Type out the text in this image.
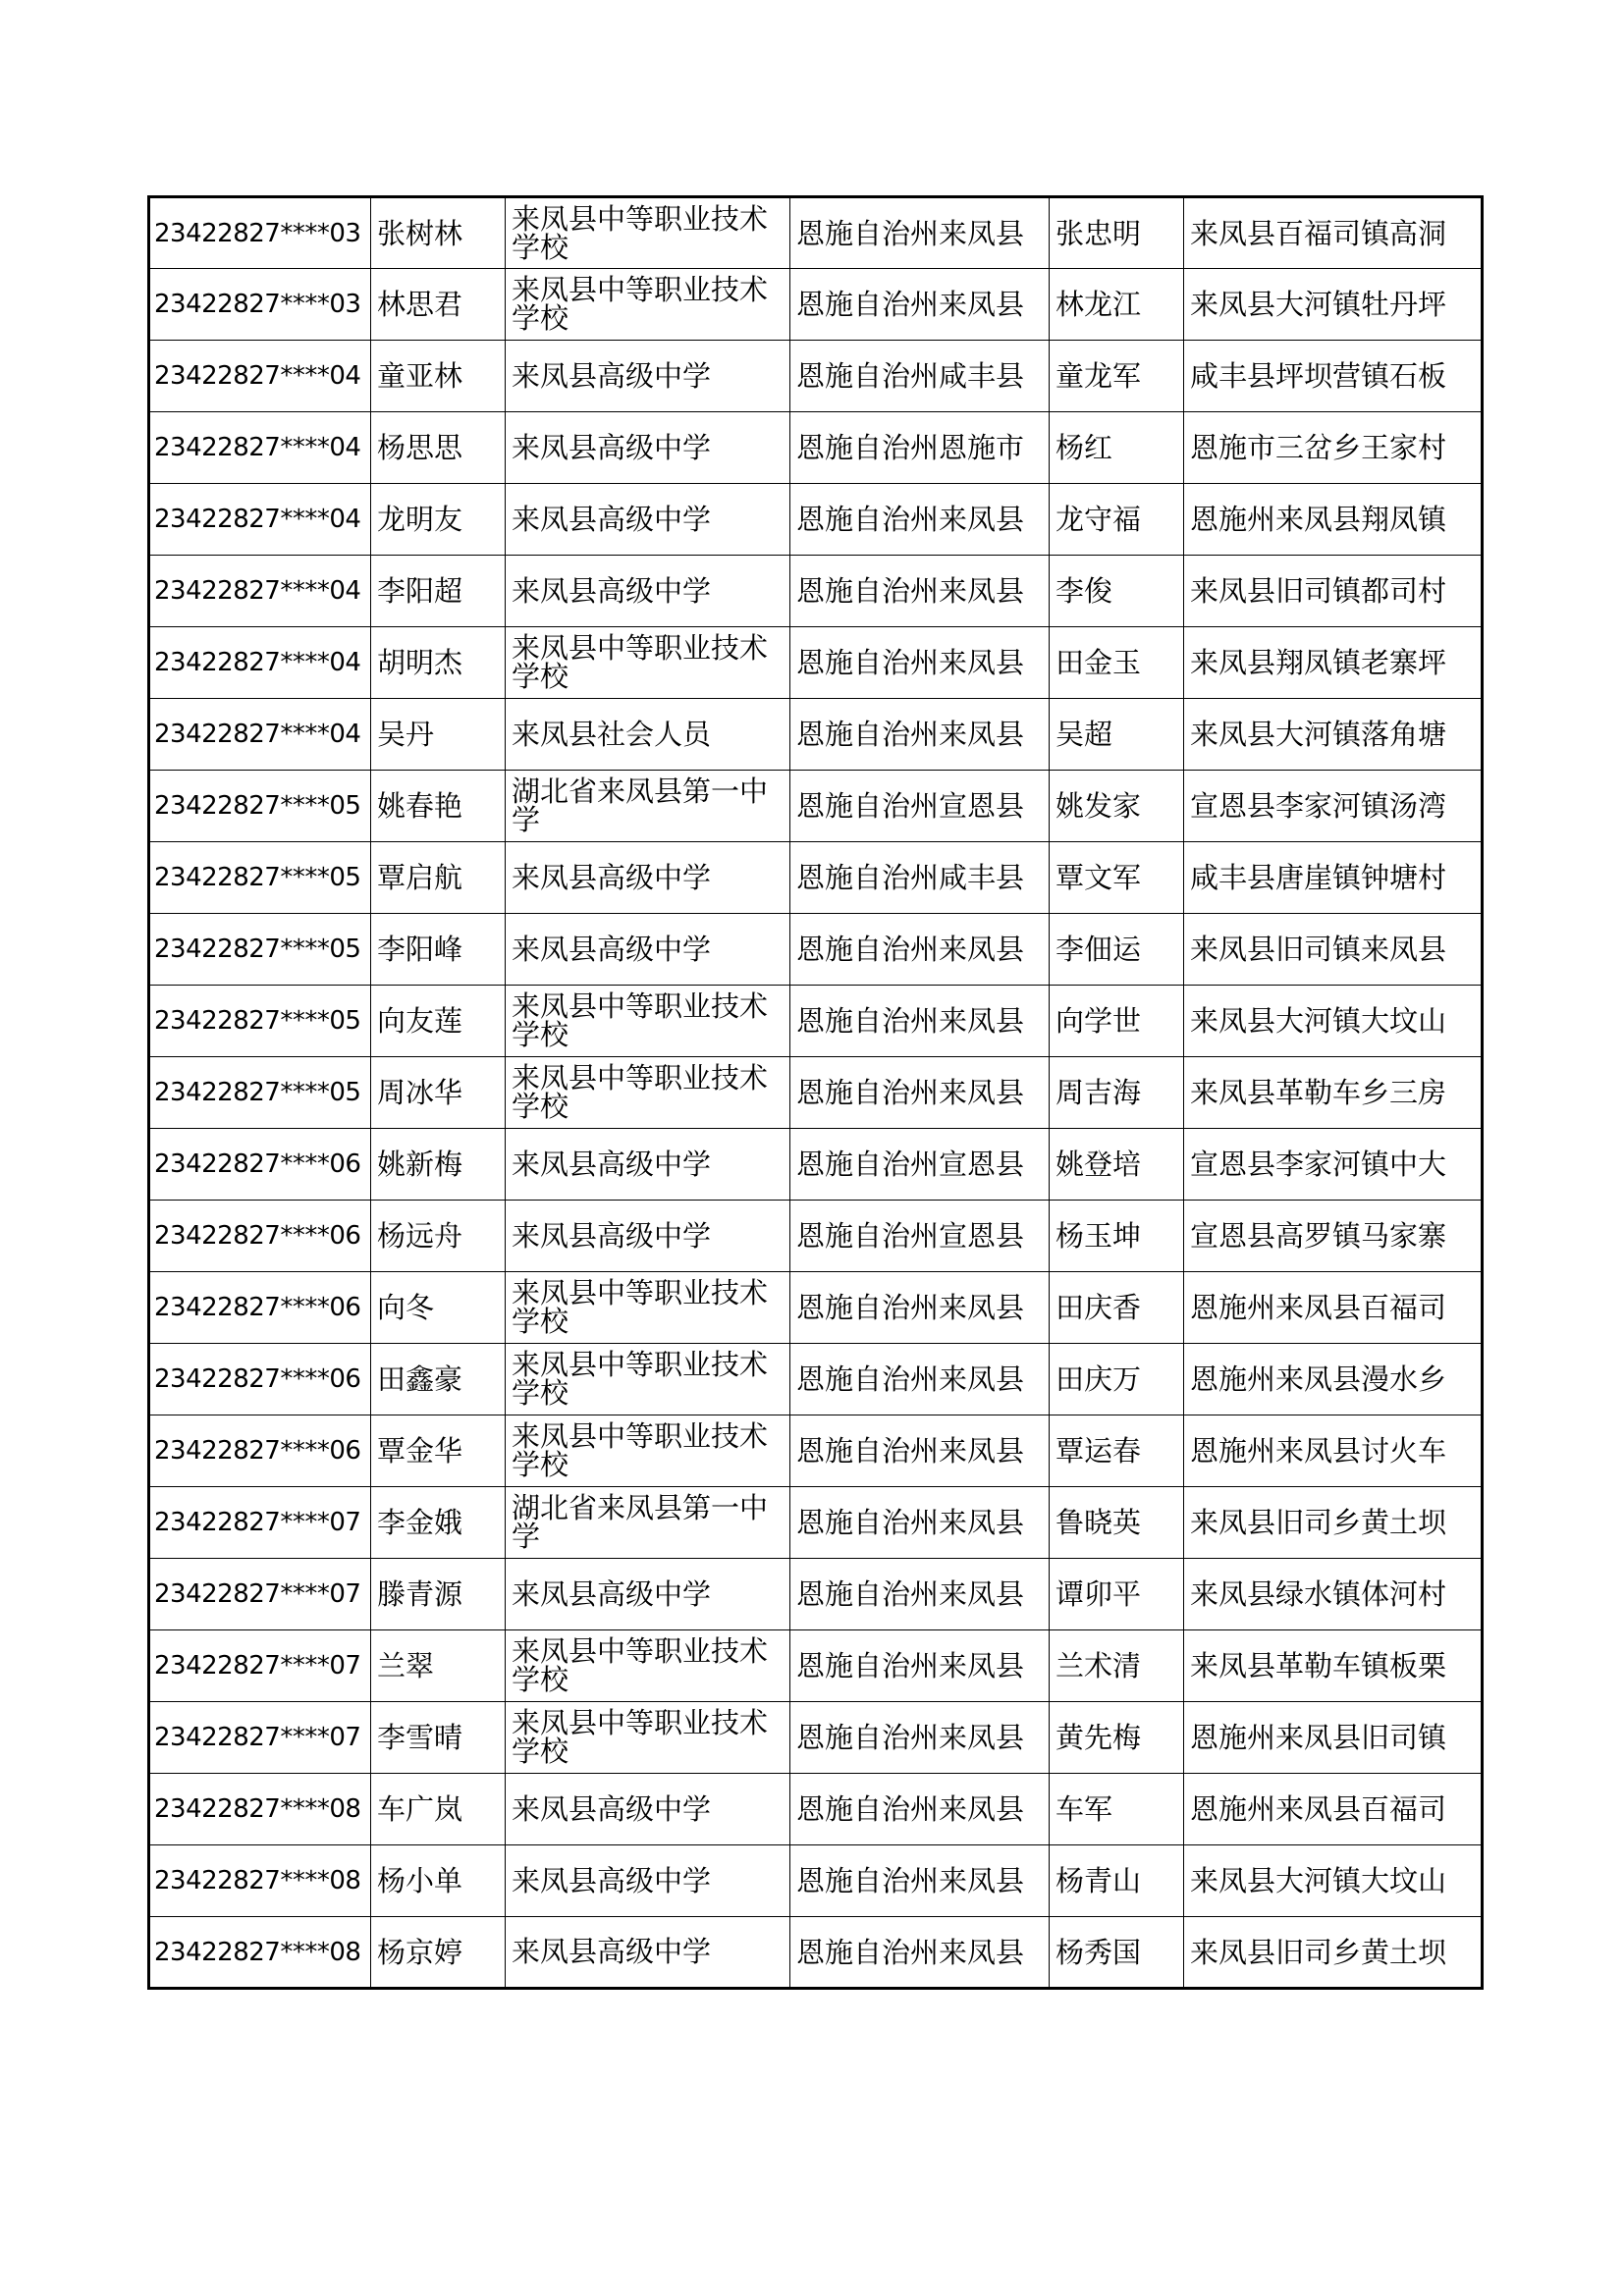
23422827****03	张树林	来凤县中等职业技术学校	恩施自治州来凤县	张忠明	来凤县百福司镇高洞
23422827****03	林思君	来凤县中等职业技术学校	恩施自治州来凤县	林龙江	来凤县大河镇牡丹坪
23422827****04	童亚林	来凤县高级中学	恩施自治州咸丰县	童龙军	咸丰县坪坝营镇石板
23422827****04	杨思思	来凤县高级中学	恩施自治州恩施市	杨红	恩施市三岔乡王家村
23422827****04	龙明友	来凤县高级中学	恩施自治州来凤县	龙守福	恩施州来凤县翔凤镇
23422827****04	李阳超	来凤县高级中学	恩施自治州来凤县	李俊	来凤县旧司镇都司村
23422827****04	胡明杰	来凤县中等职业技术学校	恩施自治州来凤县	田金玉	来凤县翔凤镇老寨坪
23422827****04	吴丹	来凤县社会人员	恩施自治州来凤县	吴超	来凤县大河镇落角塘
23422827****05	姚春艳	湖北省来凤县第一中学	恩施自治州宣恩县	姚发家	宣恩县李家河镇汤湾
23422827****05	覃启航	来凤县高级中学	恩施自治州咸丰县	覃文军	咸丰县唐崖镇钟塘村
23422827****05	李阳峰	来凤县高级中学	恩施自治州来凤县	李佃运	来凤县旧司镇来凤县
23422827****05	向友莲	来凤县中等职业技术学校	恩施自治州来凤县	向学世	来凤县大河镇大坟山
23422827****05	周冰华	来凤县中等职业技术学校	恩施自治州来凤县	周吉海	来凤县革勒车乡三房
23422827****06	姚新梅	来凤县高级中学	恩施自治州宣恩县	姚登培	宣恩县李家河镇中大
23422827****06	杨远舟	来凤县高级中学	恩施自治州宣恩县	杨玉坤	宣恩县高罗镇马家寨
23422827****06	向冬	来凤县中等职业技术学校	恩施自治州来凤县	田庆香	恩施州来凤县百福司
23422827****06	田鑫豪	来凤县中等职业技术学校	恩施自治州来凤县	田庆万	恩施州来凤县漫水乡
23422827****06	覃金华	来凤县中等职业技术学校	恩施自治州来凤县	覃运春	恩施州来凤县讨火车
23422827****07	李金娥	湖北省来凤县第一中学	恩施自治州来凤县	鲁晓英	来凤县旧司乡黄土坝
23422827****07	滕青源	来凤县高级中学	恩施自治州来凤县	谭卯平	来凤县绿水镇体河村
23422827****07	兰翠	来凤县中等职业技术学校	恩施自治州来凤县	兰术清	来凤县革勒车镇板栗
23422827****07	李雪晴	来凤县中等职业技术学校	恩施自治州来凤县	黄先梅	恩施州来凤县旧司镇
23422827****08	车广岚	来凤县高级中学	恩施自治州来凤县	车军	恩施州来凤县百福司
23422827****08	杨小单	来凤县高级中学	恩施自治州来凤县	杨青山	来凤县大河镇大坟山
23422827****08	杨京婷	来凤县高级中学	恩施自治州来凤县	杨秀国	来凤县旧司乡黄土坝
